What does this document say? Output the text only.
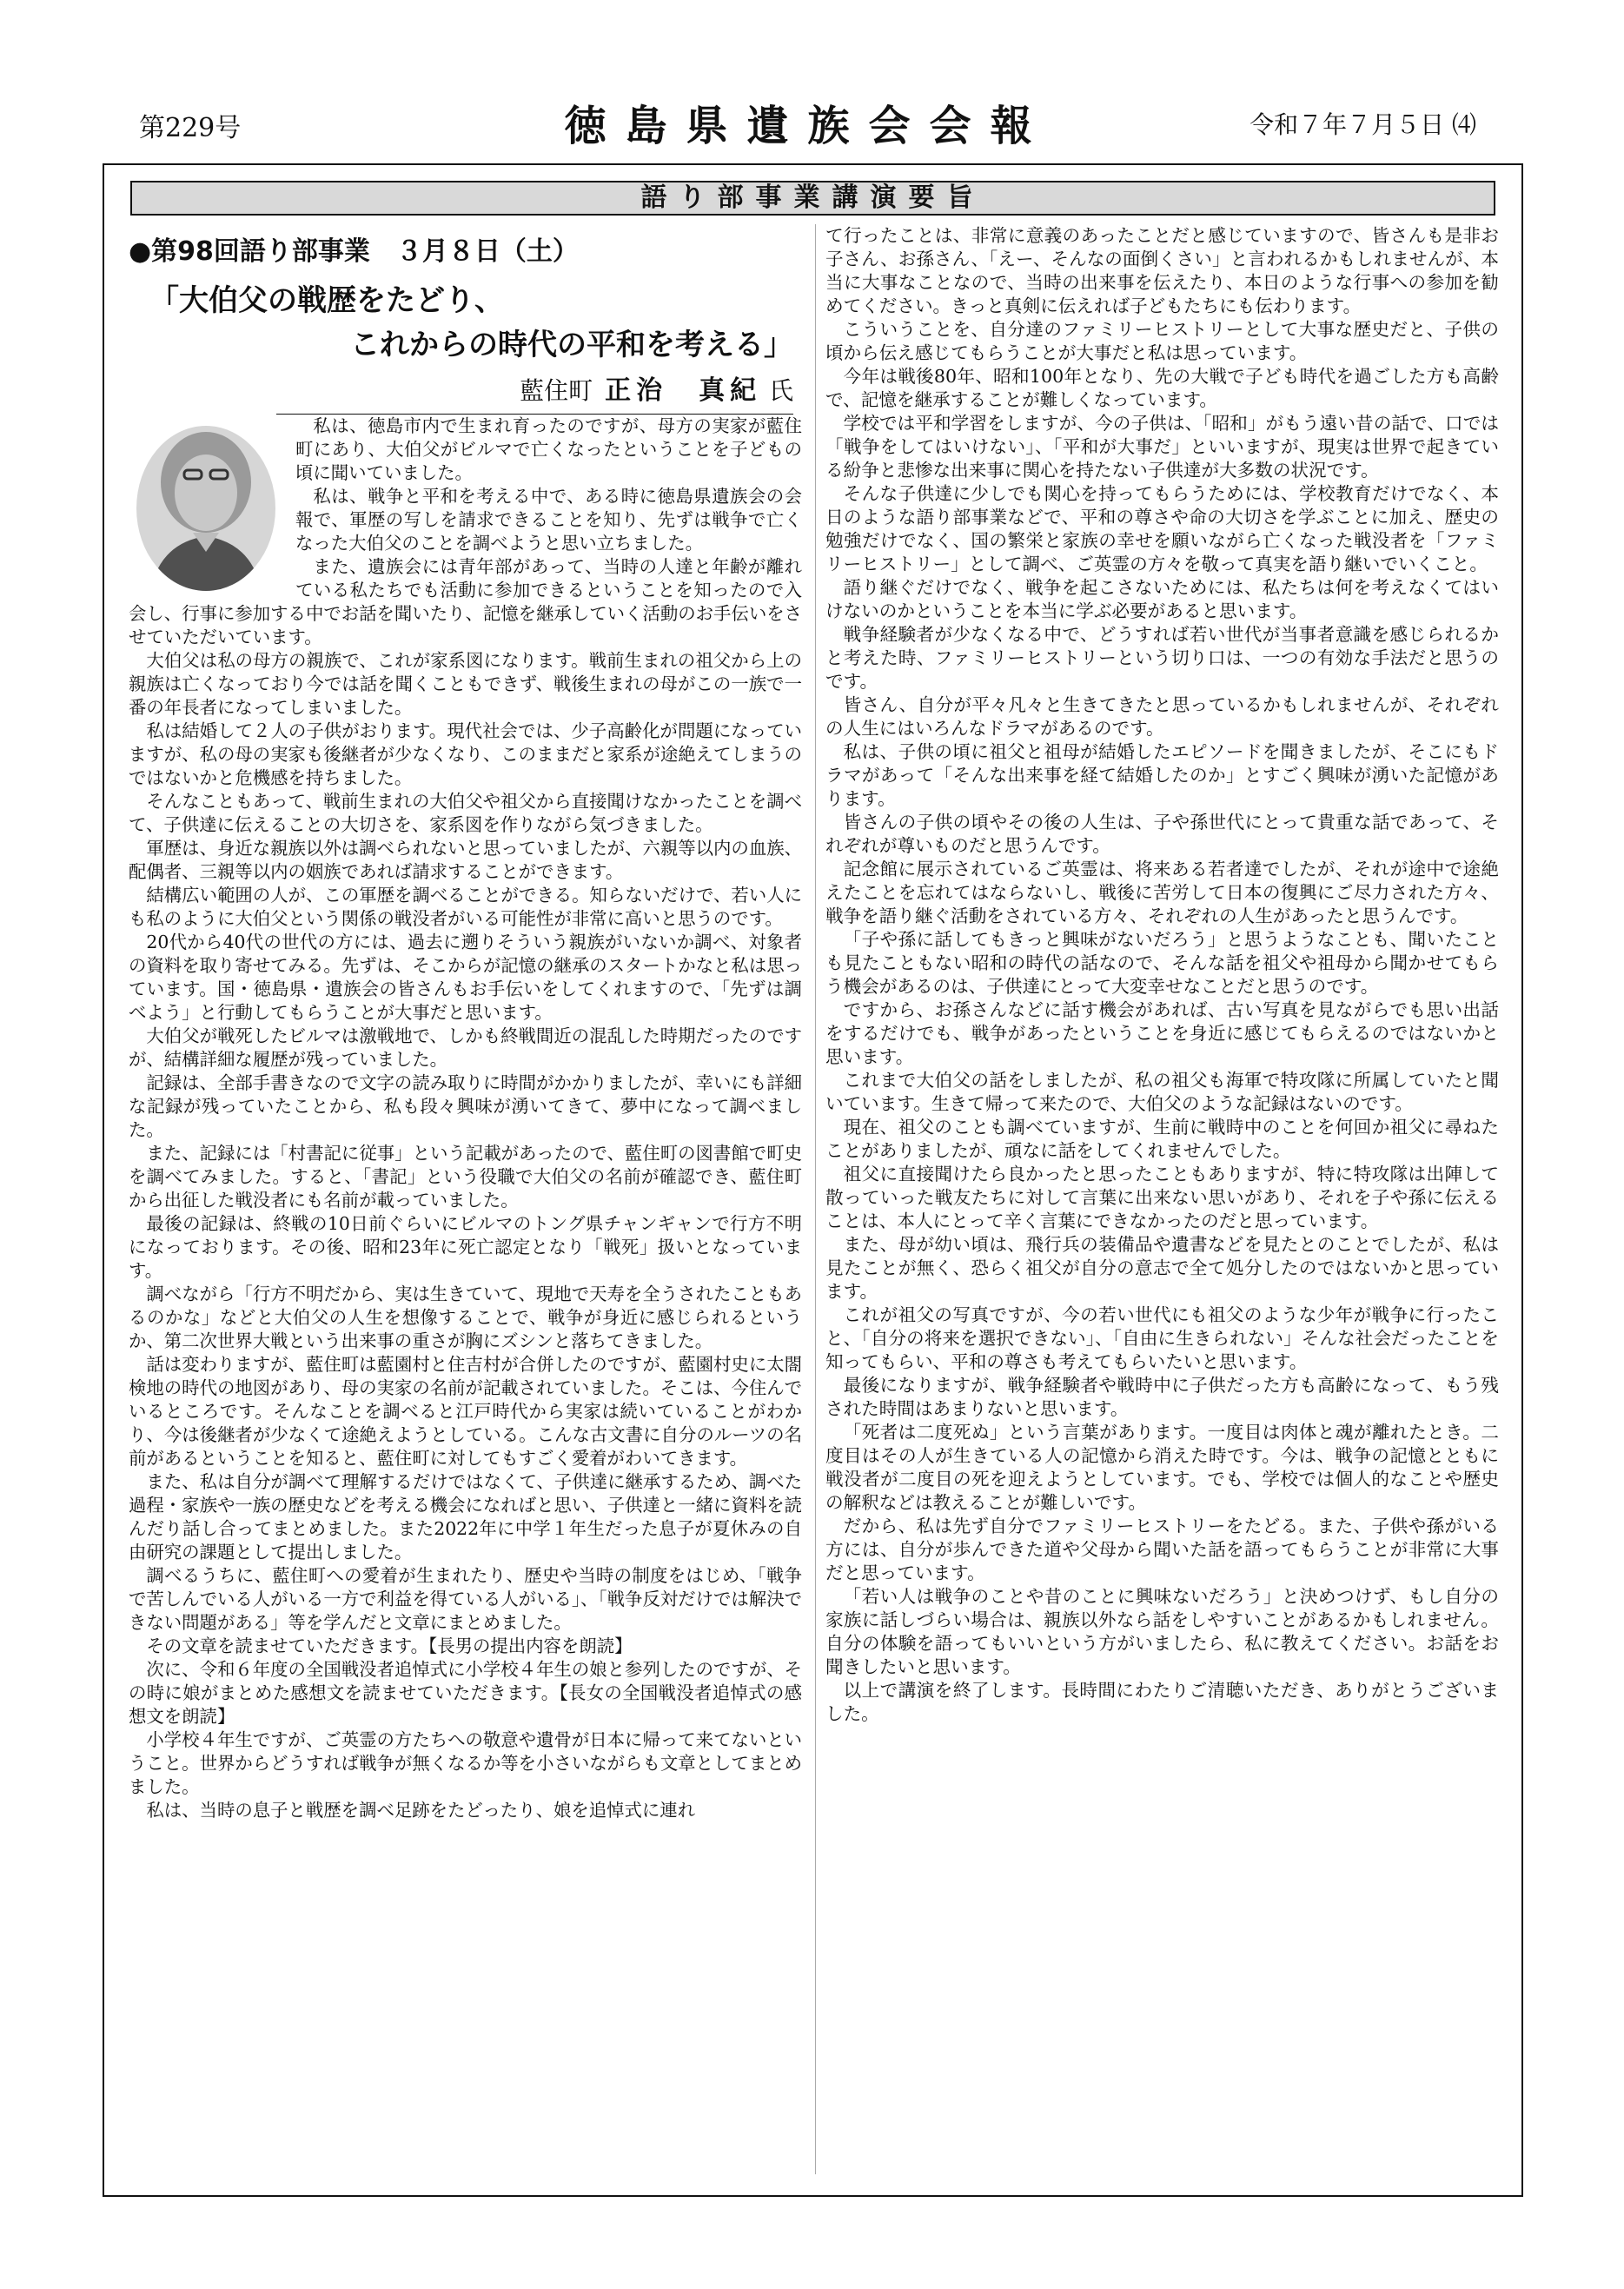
第229号	徳島県遺族会会報	令和７年７月５日 ⑷
語り部事業講演要旨
●第98回語り部事業　３月８日（土）
「大伯父の戦歴をたどり、
これからの時代の平和を考える」
藍住町 正治　真紀 氏

私は、徳島市内で生まれ育ったのですが、母方の実家が藍住町にあり、大伯父がビルマで亡くなったということを子どもの頃に聞いていました。

私は、戦争と平和を考える中で、ある時に徳島県遺族会の会報で、軍歴の写しを請求できることを知り、先ずは戦争で亡くなった大伯父のことを調べようと思い立ちました。

また、遺族会には青年部があって、当時の人達と年齢が離れている私たちでも活動に参加できるということを知ったので入会し、行事に参加する中でお話を聞いたり、記憶を継承していく活動のお手伝いをさせていただいています。

大伯父は私の母方の親族で、これが家系図になります。戦前生まれの祖父から上の親族は亡くなっており今では話を聞くこともできず、戦後生まれの母がこの一族で一番の年長者になってしまいました。

私は結婚して２人の子供がおります。現代社会では、少子高齢化が問題になっていますが、私の母の実家も後継者が少なくなり、このままだと家系が途絶えてしまうのではないかと危機感を持ちました。

そんなこともあって、戦前生まれの大伯父や祖父から直接聞けなかったことを調べて、子供達に伝えることの大切さを、家系図を作りながら気づきました。

軍歴は、身近な親族以外は調べられないと思っていましたが、六親等以内の血族、配偶者、三親等以内の姻族であれば請求することができます。

結構広い範囲の人が、この軍歴を調べることができる。知らないだけで、若い人にも私のように大伯父という関係の戦没者がいる可能性が非常に高いと思うのです。

20代から40代の世代の方には、過去に遡りそういう親族がいないか調べ、対象者の資料を取り寄せてみる。先ずは、そこからが記憶の継承のスタートかなと私は思っています。国・徳島県・遺族会の皆さんもお手伝いをしてくれますので、「先ずは調べよう」と行動してもらうことが大事だと思います。

大伯父が戦死したビルマは激戦地で、しかも終戦間近の混乱した時期だったのですが、結構詳細な履歴が残っていました。

記録は、全部手書きなので文字の読み取りに時間がかかりましたが、幸いにも詳細な記録が残っていたことから、私も段々興味が湧いてきて、夢中になって調べました。

また、記録には「村書記に従事」という記載があったので、藍住町の図書館で町史を調べてみました。すると、「書記」という役職で大伯父の名前が確認でき、藍住町から出征した戦没者にも名前が載っていました。

最後の記録は、終戦の10日前ぐらいにビルマのトング県チャンギャンで行方不明になっております。その後、昭和23年に死亡認定となり「戦死」扱いとなっています。

調べながら「行方不明だから、実は生きていて、現地で天寿を全うされたこともあるのかな」などと大伯父の人生を想像することで、戦争が身近に感じられるというか、第二次世界大戦という出来事の重さが胸にズシンと落ちてきました。

話は変わりますが、藍住町は藍園村と住吉村が合併したのですが、藍園村史に太閤検地の時代の地図があり、母の実家の名前が記載されていました。そこは、今住んでいるところです。そんなことを調べると江戸時代から実家は続いていることがわかり、今は後継者が少なくて途絶えようとしている。こんな古文書に自分のルーツの名前があるということを知ると、藍住町に対してもすごく愛着がわいてきます。

また、私は自分が調べて理解するだけではなくて、子供達に継承するため、調べた過程・家族や一族の歴史などを考える機会になればと思い、子供達と一緒に資料を読んだり話し合ってまとめました。また2022年に中学１年生だった息子が夏休みの自由研究の課題として提出しました。

調べるうちに、藍住町への愛着が生まれたり、歴史や当時の制度をはじめ、「戦争で苦しんでいる人がいる一方で利益を得ている人がいる」、「戦争反対だけでは解決できない問題がある」等を学んだと文章にまとめました。

その文章を読ませていただきます。【長男の提出内容を朗読】

次に、令和６年度の全国戦没者追悼式に小学校４年生の娘と参列したのですが、その時に娘がまとめた感想文を読ませていただきます。【長女の全国戦没者追悼式の感想文を朗読】

小学校４年生ですが、ご英霊の方たちへの敬意や遺骨が日本に帰って来てないということ。世界からどうすれば戦争が無くなるか等を小さいながらも文章としてまとめました。

私は、当時の息子と戦歴を調べ足跡をたどったり、娘を追悼式に連れ

て行ったことは、非常に意義のあったことだと感じていますので、皆さんも是非お子さん、お孫さん、「えー、そんなの面倒くさい」と言われるかもしれませんが、本当に大事なことなので、当時の出来事を伝えたり、本日のような行事への参加を勧めてください。きっと真剣に伝えれば子どもたちにも伝わります。

こういうことを、自分達のファミリーヒストリーとして大事な歴史だと、子供の頃から伝え感じてもらうことが大事だと私は思っています。

今年は戦後80年、昭和100年となり、先の大戦で子ども時代を過ごした方も高齢で、記憶を継承することが難しくなっています。

学校では平和学習をしますが、今の子供は、「昭和」がもう遠い昔の話で、口では「戦争をしてはいけない」、「平和が大事だ」といいますが、現実は世界で起きている紛争と悲惨な出来事に関心を持たない子供達が大多数の状況です。

そんな子供達に少しでも関心を持ってもらうためには、学校教育だけでなく、本日のような語り部事業などで、平和の尊さや命の大切さを学ぶことに加え、歴史の勉強だけでなく、国の繁栄と家族の幸せを願いながら亡くなった戦没者を「ファミリーヒストリー」として調べ、ご英霊の方々を敬って真実を語り継いでいくこと。

語り継ぐだけでなく、戦争を起こさないためには、私たちは何を考えなくてはいけないのかということを本当に学ぶ必要があると思います。

戦争経験者が少なくなる中で、どうすれば若い世代が当事者意識を感じられるかと考えた時、ファミリーヒストリーという切り口は、一つの有効な手法だと思うのです。

皆さん、自分が平々凡々と生きてきたと思っているかもしれませんが、それぞれの人生にはいろんなドラマがあるのです。

私は、子供の頃に祖父と祖母が結婚したエピソードを聞きましたが、そこにもドラマがあって「そんな出来事を経て結婚したのか」とすごく興味が湧いた記憶があります。

皆さんの子供の頃やその後の人生は、子や孫世代にとって貴重な話であって、それぞれが尊いものだと思うんです。

記念館に展示されているご英霊は、将来ある若者達でしたが、それが途中で途絶えたことを忘れてはならないし、戦後に苦労して日本の復興にご尽力された方々、戦争を語り継ぐ活動をされている方々、それぞれの人生があったと思うんです。

「子や孫に話してもきっと興味がないだろう」と思うようなことも、聞いたことも見たこともない昭和の時代の話なので、そんな話を祖父や祖母から聞かせてもらう機会があるのは、子供達にとって大変幸せなことだと思うのです。

ですから、お孫さんなどに話す機会があれば、古い写真を見ながらでも思い出話をするだけでも、戦争があったということを身近に感じてもらえるのではないかと思います。

これまで大伯父の話をしましたが、私の祖父も海軍で特攻隊に所属していたと聞いています。生きて帰って来たので、大伯父のような記録はないのです。

現在、祖父のことも調べていますが、生前に戦時中のことを何回か祖父に尋ねたことがありましたが、頑なに話をしてくれませんでした。

祖父に直接聞けたら良かったと思ったこともありますが、特に特攻隊は出陣して散っていった戦友たちに対して言葉に出来ない思いがあり、それを子や孫に伝えることは、本人にとって辛く言葉にできなかったのだと思っています。

また、母が幼い頃は、飛行兵の装備品や遺書などを見たとのことでしたが、私は見たことが無く、恐らく祖父が自分の意志で全て処分したのではないかと思っています。

これが祖父の写真ですが、今の若い世代にも祖父のような少年が戦争に行ったこと、「自分の将来を選択できない」、「自由に生きられない」そんな社会だったことを知ってもらい、平和の尊さも考えてもらいたいと思います。

最後になりますが、戦争経験者や戦時中に子供だった方も高齢になって、もう残された時間はあまりないと思います。

「死者は二度死ぬ」という言葉があります。一度目は肉体と魂が離れたとき。二度目はその人が生きている人の記憶から消えた時です。今は、戦争の記憶とともに戦没者が二度目の死を迎えようとしています。でも、学校では個人的なことや歴史の解釈などは教えることが難しいです。

だから、私は先ず自分でファミリーヒストリーをたどる。また、子供や孫がいる方には、自分が歩んできた道や父母から聞いた話を語ってもらうことが非常に大事だと思っています。

「若い人は戦争のことや昔のことに興味ないだろう」と決めつけず、もし自分の家族に話しづらい場合は、親族以外なら話をしやすいことがあるかもしれません。自分の体験を語ってもいいという方がいましたら、私に教えてください。お話をお聞きしたいと思います。

以上で講演を終了します。長時間にわたりご清聴いただき、ありがとうございました。
